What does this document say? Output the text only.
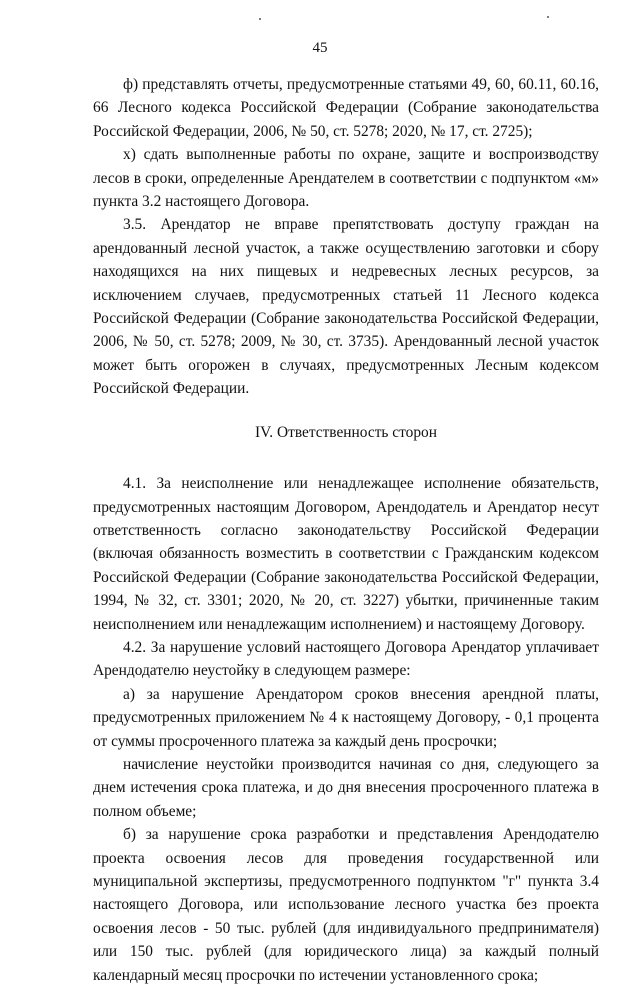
45

ф) представлять отчеты, предусмотренные статьями 49, 60, 60.11, 60.16, 66 Лесного кодекса Российской Федерации (Собрание законодательства Российской Федерации, 2006, № 50, ст. 5278; 2020, № 17, ст. 2725);

х) сдать выполненные работы по охране, защите и воспроизводству лесов в сроки, определенные Арендателем в соответствии с подпунктом «м» пункта 3.2 настоящего Договора.

3.5. Арендатор не вправе препятствовать доступу граждан на арендованный лесной участок, а также осуществлению заготовки и сбору находящихся на них пищевых и недревесных лесных ресурсов, за исключением случаев, предусмотренных статьей 11 Лесного кодекса Российской Федерации (Собрание законодательства Российской Федерации, 2006, № 50, ст. 5278; 2009, № 30, ст. 3735). Арендованный лесной участок может быть огорожен в случаях, предусмотренных Лесным кодексом Российской Федерации.

IV. Ответственность сторон

4.1. За неисполнение или ненадлежащее исполнение обязательств, предусмотренных настоящим Договором, Арендодатель и Арендатор несут ответственность согласно законодательству Российской Федерации (включая обязанность возместить в соответствии с Гражданским кодексом Российской Федерации (Собрание законодательства Российской Федерации, 1994, № 32, ст. 3301; 2020, № 20, ст. 3227) убытки, причиненные таким неисполнением или ненадлежащим исполнением) и настоящему Договору.

4.2. За нарушение условий настоящего Договора Арендатор уплачивает Арендодателю неустойку в следующем размере:

а) за нарушение Арендатором сроков внесения арендной платы, предусмотренных приложением № 4 к настоящему Договору, - 0,1 процента от суммы просроченного платежа за каждый день просрочки;

начисление неустойки производится начиная со дня, следующего за днем истечения срока платежа, и до дня внесения просроченного платежа в полном объеме;

б) за нарушение срока разработки и представления Арендодателю проекта освоения лесов для проведения государственной или муниципальной экспертизы, предусмотренного подпунктом "г" пункта 3.4 настоящего Договора, или использование лесного участка без проекта освоения лесов - 50 тыс. рублей (для индивидуального предпринимателя) или 150 тыс. рублей (для юридического лица) за каждый полный календарный месяц просрочки по истечении установленного срока;
